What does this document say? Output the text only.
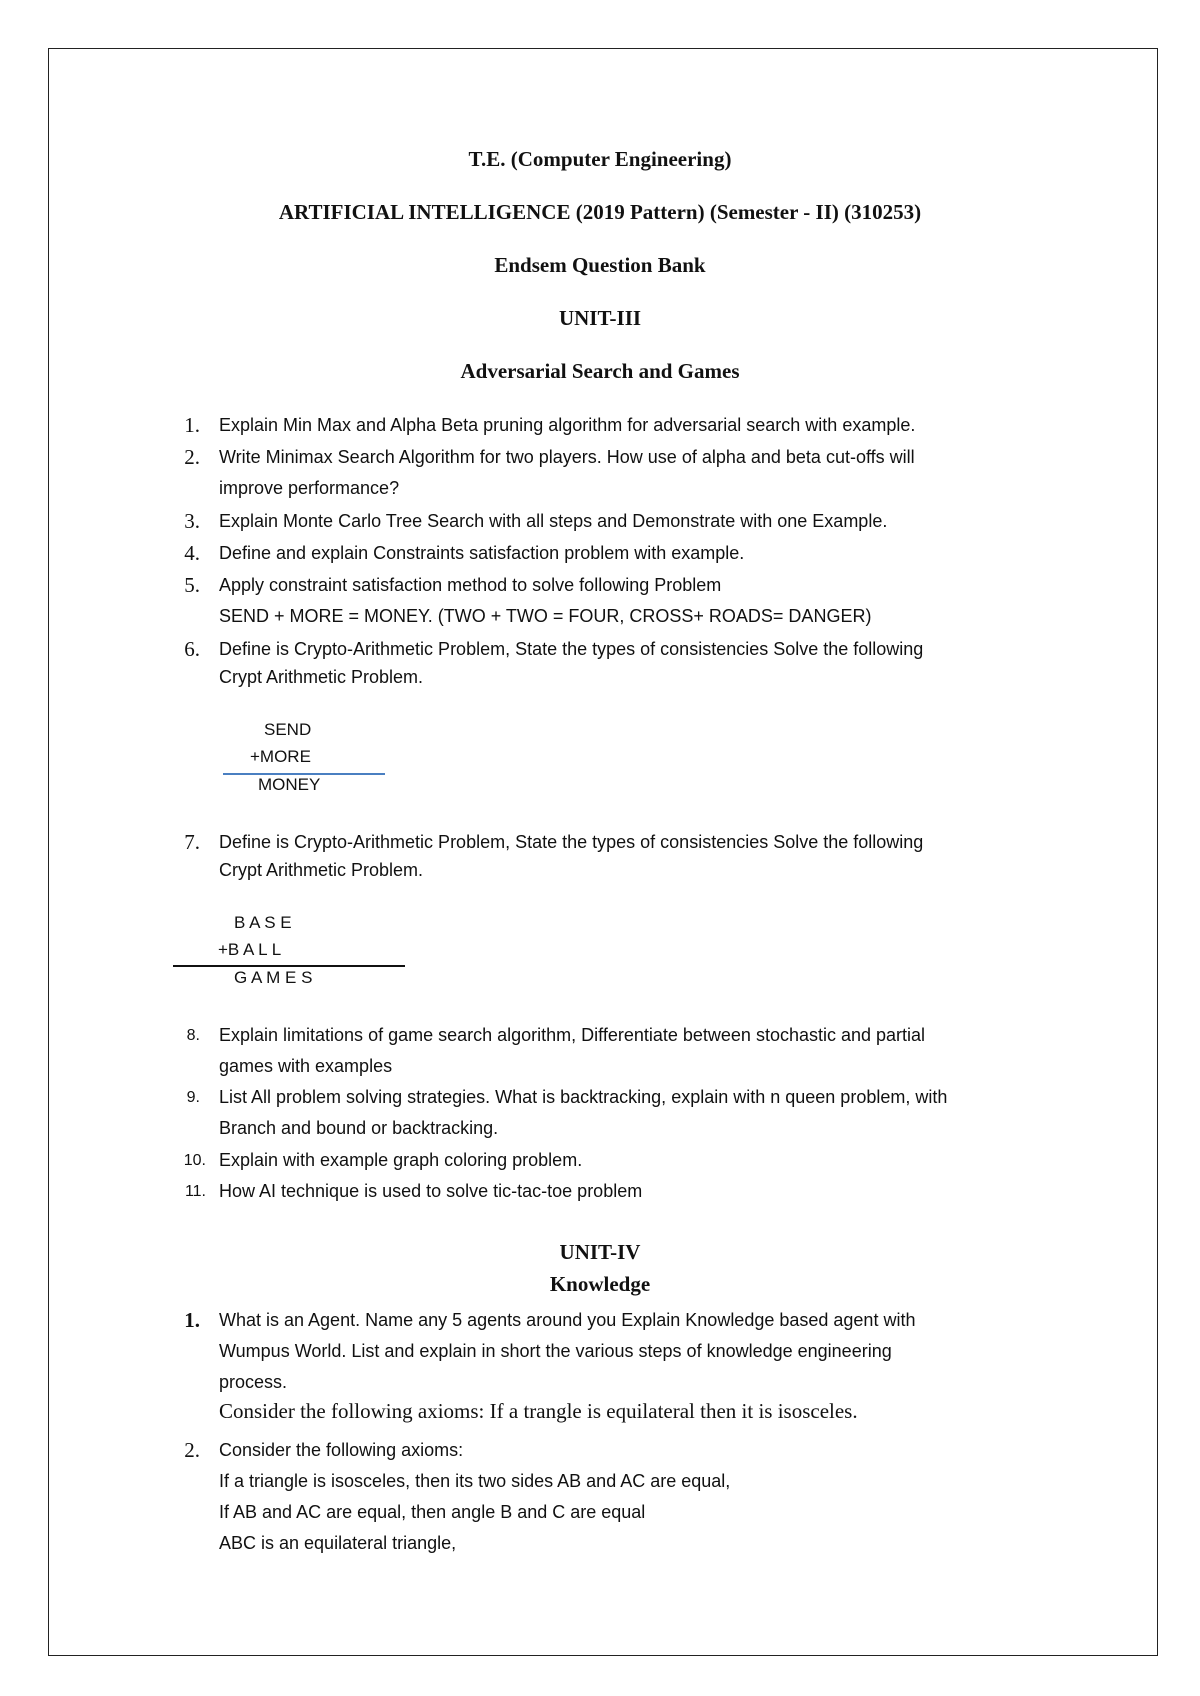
T.E. (Computer Engineering)
ARTIFICIAL INTELLIGENCE (2019 Pattern) (Semester - II) (310253)
Endsem Question Bank
UNIT-III
Adversarial Search and Games
1. Explain Min Max and Alpha Beta pruning algorithm for adversarial search with example.
2. Write Minimax Search Algorithm for two players. How use of alpha and beta cut-offs will
improve performance?
3. Explain Monte Carlo Tree Search with all steps and Demonstrate with one Example.
4. Define and explain Constraints satisfaction problem with example.
5. Apply constraint satisfaction method to solve following Problem
SEND + MORE = MONEY. (TWO + TWO = FOUR, CROSS+ ROADS= DANGER)
6. Define is Crypto-Arithmetic Problem, State the types of consistencies Solve the following
Crypt Arithmetic Problem.
SEND
+MORE
MONEY
7. Define is Crypto-Arithmetic Problem, State the types of consistencies Solve the following
Crypt Arithmetic Problem.
B A S E
+B A L L
G A M E S
8. Explain limitations of game search algorithm, Differentiate between stochastic and partial
games with examples
9. List All problem solving strategies. What is backtracking, explain with n queen problem, with
Branch and bound or backtracking.
10. Explain with example graph coloring problem.
11. How AI technique is used to solve tic-tac-toe problem
UNIT-IV
Knowledge
1. What is an Agent. Name any 5 agents around you Explain Knowledge based agent with
Wumpus World. List and explain in short the various steps of knowledge engineering
process.
Consider the following axioms: If a trangle is equilateral then it is isosceles.
2. Consider the following axioms:
If a triangle is isosceles, then its two sides AB and AC are equal,
If AB and AC are equal, then angle B and C are equal
ABC is an equilateral triangle,
